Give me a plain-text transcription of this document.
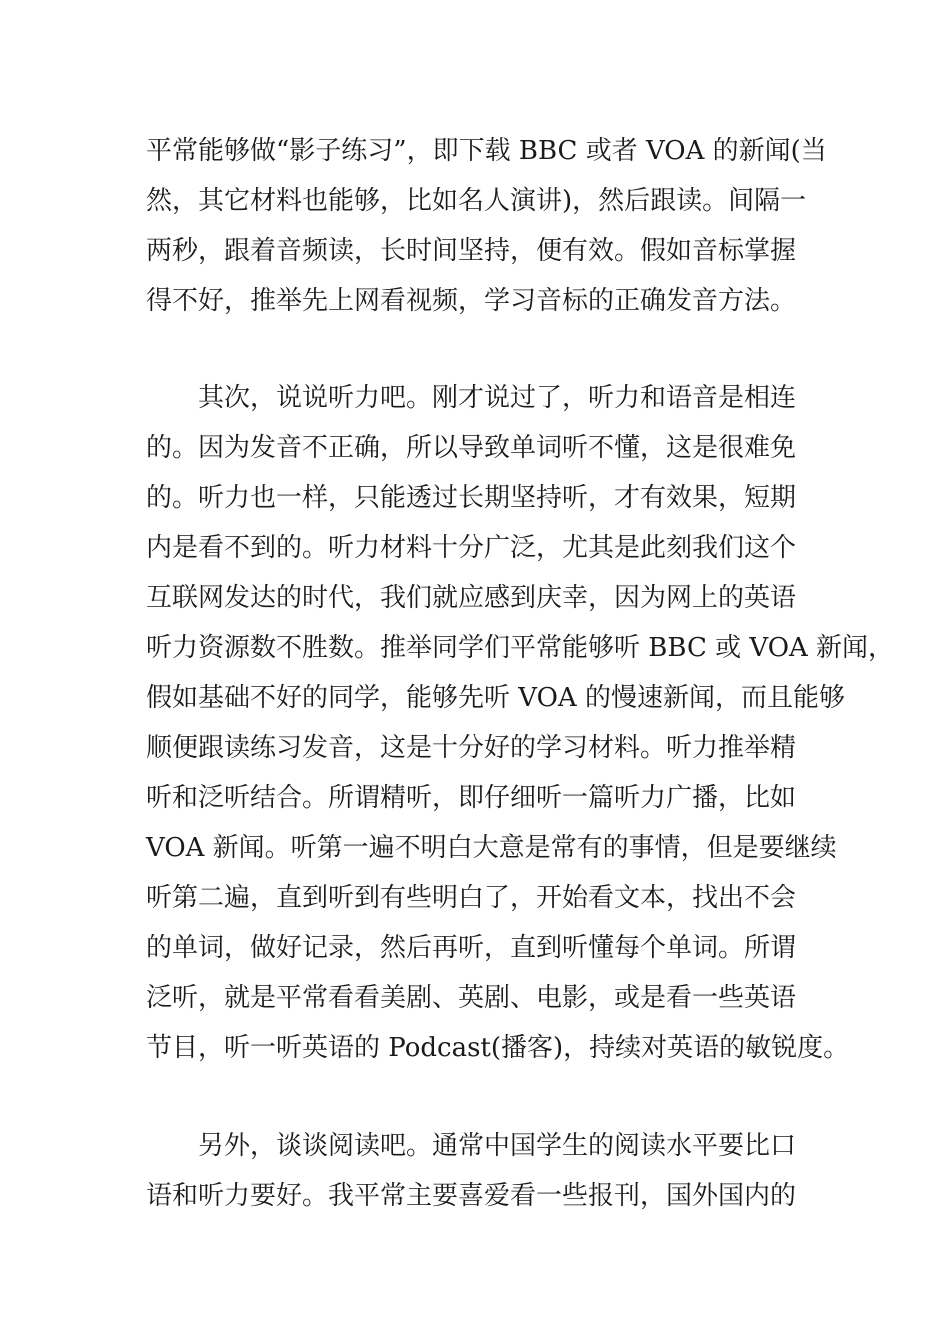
平常能够做“影子练习”，即下载 BBC 或者 VOA 的新闻(当
然，其它材料也能够，比如名人演讲)，然后跟读。间隔一
两秒，跟着音频读，长时间坚持，便有效。假如音标掌握
得不好，推举先上网看视频，学习音标的正确发音方法。
其次，说说听力吧。刚才说过了，听力和语音是相连
的。因为发音不正确，所以导致单词听不懂，这是很难免
的。听力也一样，只能透过长期坚持听，才有效果，短期
内是看不到的。听力材料十分广泛，尤其是此刻我们这个
互联网发达的时代，我们就应感到庆幸，因为网上的英语
听力资源数不胜数。推举同学们平常能够听 BBC 或 VOA 新闻，
假如基础不好的同学，能够先听 VOA 的慢速新闻，而且能够
顺便跟读练习发音，这是十分好的学习材料。听力推举精
听和泛听结合。所谓精听，即仔细听一篇听力广播，比如
VOA 新闻。听第一遍不明白大意是常有的事情，但是要继续
听第二遍，直到听到有些明白了，开始看文本，找出不会
的单词，做好记录，然后再听，直到听懂每个单词。所谓
泛听，就是平常看看美剧、英剧、电影，或是看一些英语
节目，听一听英语的 Podcast(播客)，持续对英语的敏锐度。
另外，谈谈阅读吧。通常中国学生的阅读水平要比口
语和听力要好。我平常主要喜爱看一些报刊，国外国内的
